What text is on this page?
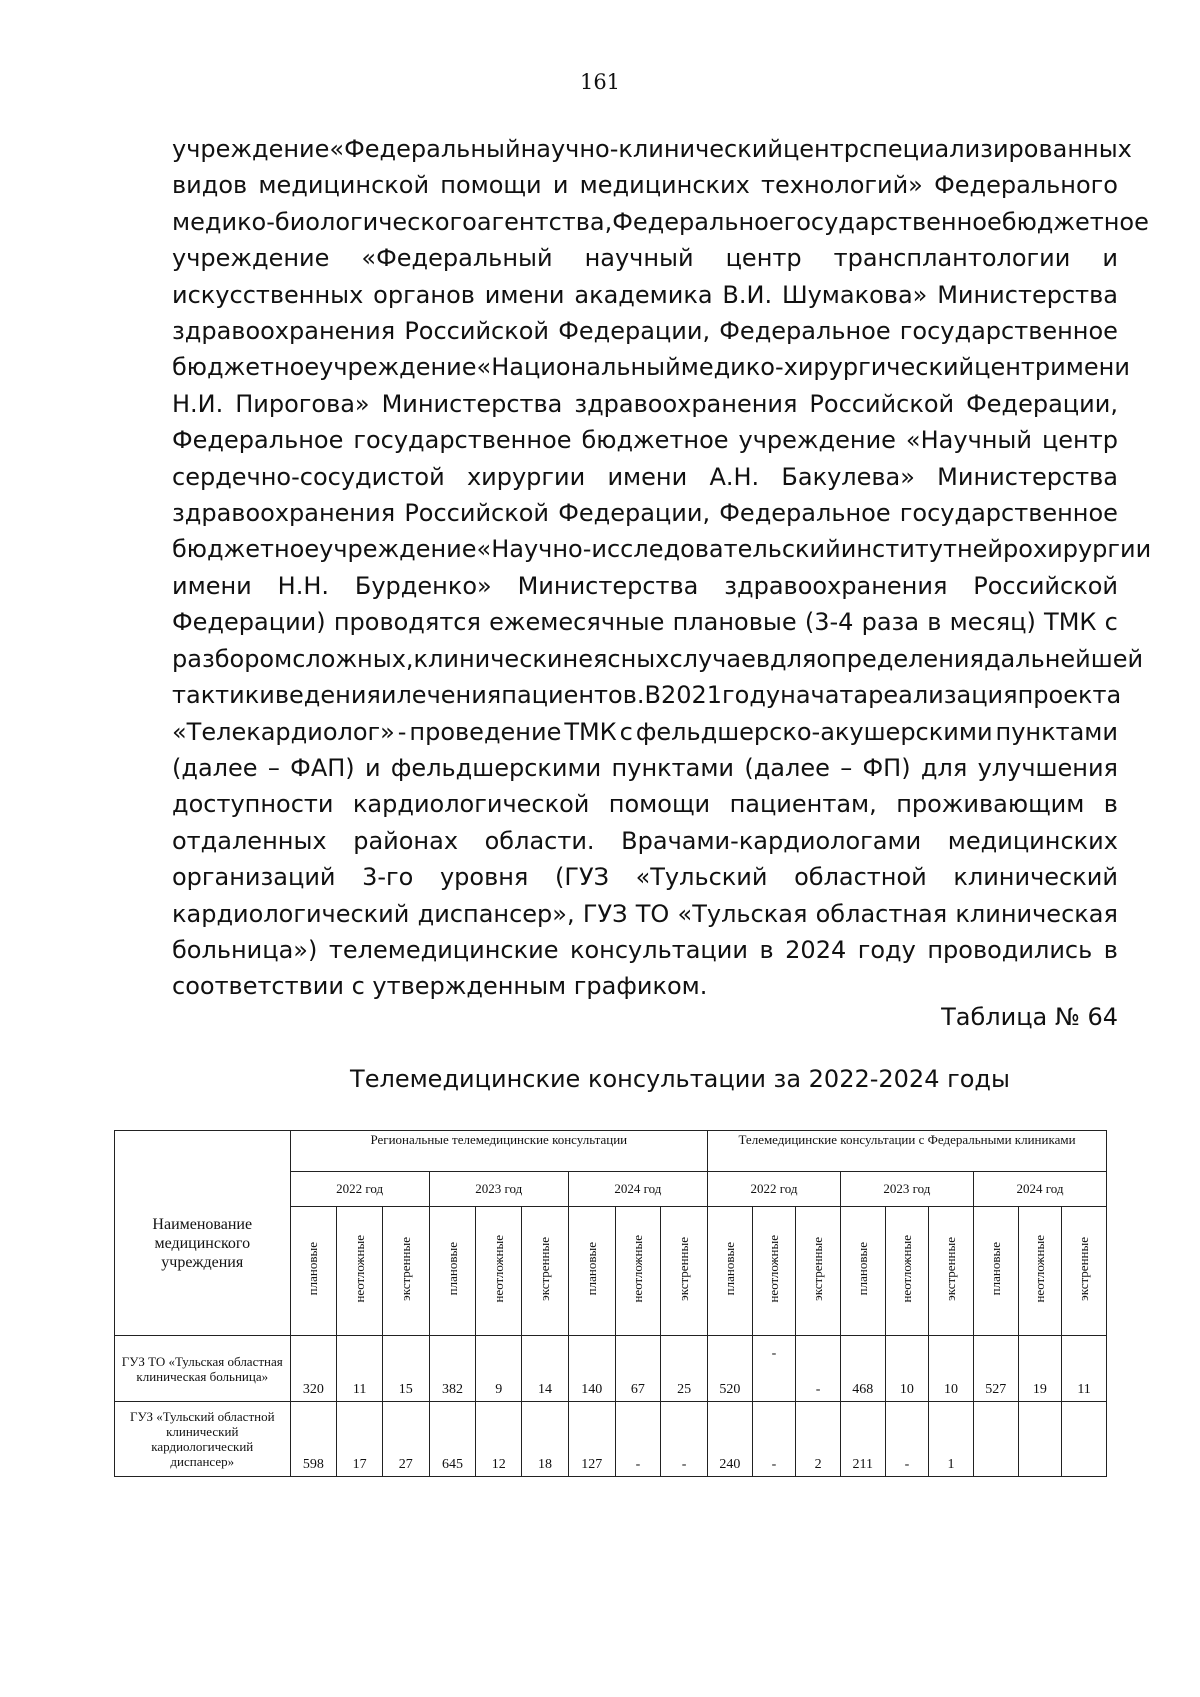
161
учреждение «Федеральный научно-клинический центр специализированных
видов медицинской помощи и медицинских технологий» Федерального
медико-биологического агентства, Федеральное государственное бюджетное
учреждение «Федеральный научный центр трансплантологии и
искусственных органов имени академика В.И. Шумакова» Министерства
здравоохранения Российской Федерации, Федеральное государственное
бюджетное учреждение «Национальный медико-хирургический центр имени
Н.И. Пирогова» Министерства здравоохранения Российской Федерации,
Федеральное государственное бюджетное учреждение «Научный центр
сердечно-сосудистой хирургии имени А.Н. Бакулева» Министерства
здравоохранения Российской Федерации, Федеральное государственное
бюджетное учреждение «Научно-исследовательский институт нейрохирургии
имени Н.Н. Бурденко» Министерства здравоохранения Российской
Федерации) проводятся ежемесячные плановые (3-4 раза в месяц) ТМК с
разбором сложных, клинически неясных случаев для определения дальнейшей
тактики ведения и лечения пациентов. В 2021 году начата реализация проекта
«Телекардиолог» - проведение ТМК с фельдшерско-акушерскими пунктами
(далее – ФАП) и фельдшерскими пунктами (далее – ФП) для улучшения
доступности кардиологической помощи пациентам, проживающим в
отдаленных районах области. Врачами-кардиологами медицинских
организаций 3-го уровня (ГУЗ «Тульский областной клинический
кардиологический диспансер», ГУЗ ТО «Тульская областная клиническая
больница») телемедицинские консультации в 2024 году проводились в
соответствии с утвержденным графиком.
Таблица № 64
Телемедицинские консультации за 2022-2024 годы
Наименование медицинского учреждения	Региональные телемедицинские консультации									Телемедицинские консультации с Федеральными клиниками								
	2022 год			2023 год			2024 год			2022 год			2023 год			2024 год		
	плановые	неотложные	экстренные	плановые	неотложные	экстренные	плановые	неотложные	экстренные	плановые	неотложные	экстренные	плановые	неотложные	экстренные	плановые	неотложные	экстренные
ГУЗ ТО «Тульская областная клиническая больница»	320	11	15	382	9	14	140	67	25	520	-	-	468	10	10	527	19	11
ГУЗ «Тульский областной клинический кардиологический диспансер»	598	17	27	645	12	18	127	-	-	240	-	2	211	-	1			
